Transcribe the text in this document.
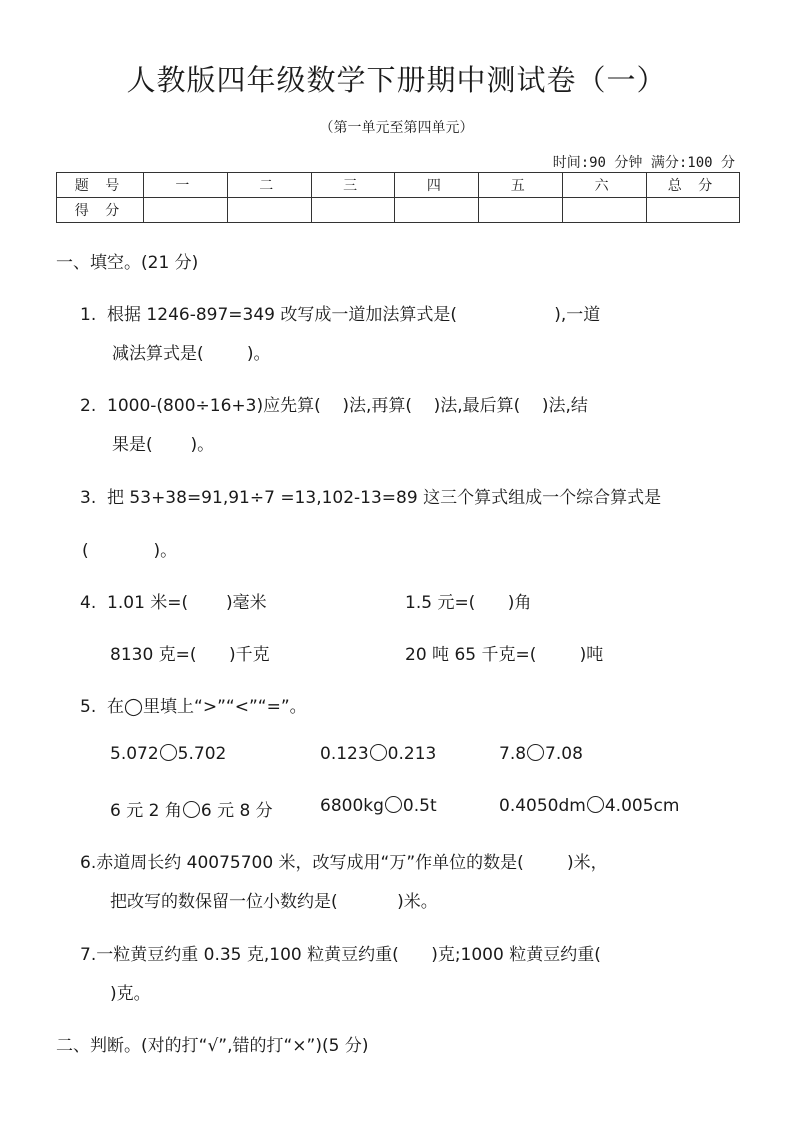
人教版四年级数学下册期中测试卷（一）
（第一单元至第四单元）
时间:90 分钟 满分:100 分
题 号	一	二	三	四	五	六	总 分
得 分							
一、填空。(21 分)
1.  根据 1246-897=349 改写成一道加法算式是(                  ),一道
减法算式是(        )。
2.  1000-(800÷16+3)应先算(    )法,再算(    )法,最后算(    )法,结
果是(       )。
3.  把 53+38=91,91÷7 =13,102-13=89 这三个算式组成一个综合算式是
(            )。
4.  1.01 米=(       )毫米	1.5 元=(      )角
8130 克=(      )千克	20 吨 65 千克=(        )吨
5.  在◯里填上“>”“<”“=”。
5.072 5.702	0.123 0.213	7.8 7.08
6 元 2 角 6 元 8 分	6800kg 0.5t	0.4050dm 4.005cm
6.赤道周长约 40075700 米，改写成用“万”作单位的数是(        )米，
把改写的数保留一位小数约是(           )米。
7.一粒黄豆约重 0.35 克,100 粒黄豆约重(      )克;1000 粒黄豆约重(
)克。
二、判断。(对的打“√”,错的打“×”)(5 分)
